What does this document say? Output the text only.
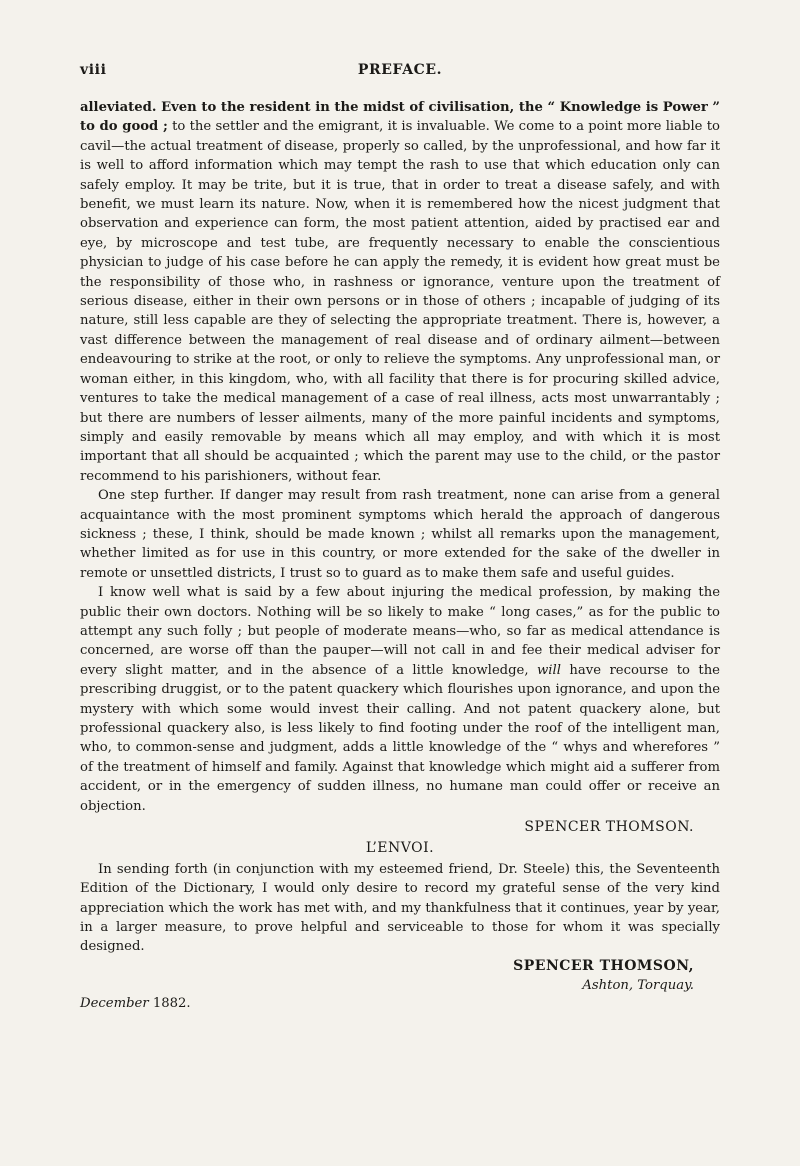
viii	PREFACE.

alleviated. Even to the resident in the midst of civilisation, the “ Knowledge is Power ” to do good ; to the settler and the emigrant, it is invaluable. We come to a point more liable to cavil—the actual treatment of disease, properly so called, by the unprofessional, and how far it is well to afford information which may tempt the rash to use that which education only can safely employ. It may be trite, but it is true, that in order to treat a disease safely, and with benefit, we must learn its nature. Now, when it is remembered how the nicest judgment that observation and experience can form, the most patient attention, aided by practised ear and eye, by microscope and test tube, are frequently necessary to enable the conscientious physician to judge of his case before he can apply the remedy, it is evident how great must be the responsibility of those who, in rashness or ignorance, venture upon the treatment of serious disease, either in their own persons or in those of others ; incapable of judging of its nature, still less capable are they of selecting the appropriate treatment. There is, however, a vast difference between the management of real disease and of ordinary ailment—between endeavouring to strike at the root, or only to relieve the symptoms. Any unprofessional man, or woman either, in this kingdom, who, with all facility that there is for procuring skilled advice, ventures to take the medical management of a case of real illness, acts most unwarrantably ; but there are numbers of lesser ailments, many of the more painful incidents and symptoms, simply and easily removable by means which all may employ, and with which it is most important that all should be acquainted ; which the parent may use to the child, or the pastor recommend to his parishioners, without fear.

One step further. If danger may result from rash treatment, none can arise from a general acquaintance with the most prominent symptoms which herald the approach of dangerous sickness ; these, I think, should be made known ; whilst all remarks upon the management, whether limited as for use in this country, or more extended for the sake of the dweller in remote or unsettled districts, I trust so to guard as to make them safe and useful guides.

I know well what is said by a few about injuring the medical profession, by making the public their own doctors. Nothing will be so likely to make “ long cases,” as for the public to attempt any such folly ; but people of moderate means—who, so far as medical attendance is concerned, are worse off than the pauper—will not call in and fee their medical adviser for every slight matter, and in the absence of a little knowledge, will have recourse to the prescribing druggist, or to the patent quackery which flourishes upon ignorance, and upon the mystery with which some would invest their calling. And not patent quackery alone, but professional quackery also, is less likely to find footing under the roof of the intelligent man, who, to common-sense and judgment, adds a little knowledge of the “ whys and wherefores ” of the treatment of himself and family. Against that knowledge which might aid a sufferer from accident, or in the emergency of sudden illness, no humane man could offer or receive an objection.

SPENCER THOMSON.
L’ENVOI.

In sending forth (in conjunction with my esteemed friend, Dr. Steele) this, the Seventeenth Edition of the Dictionary, I would only desire to record my grateful sense of the very kind appreciation which the work has met with, and my thankfulness that it continues, year by year, in a larger measure, to prove helpful and serviceable to those for whom it was specially designed.

SPENCER THOMSON,
Ashton, Torquay.
December 1882.
